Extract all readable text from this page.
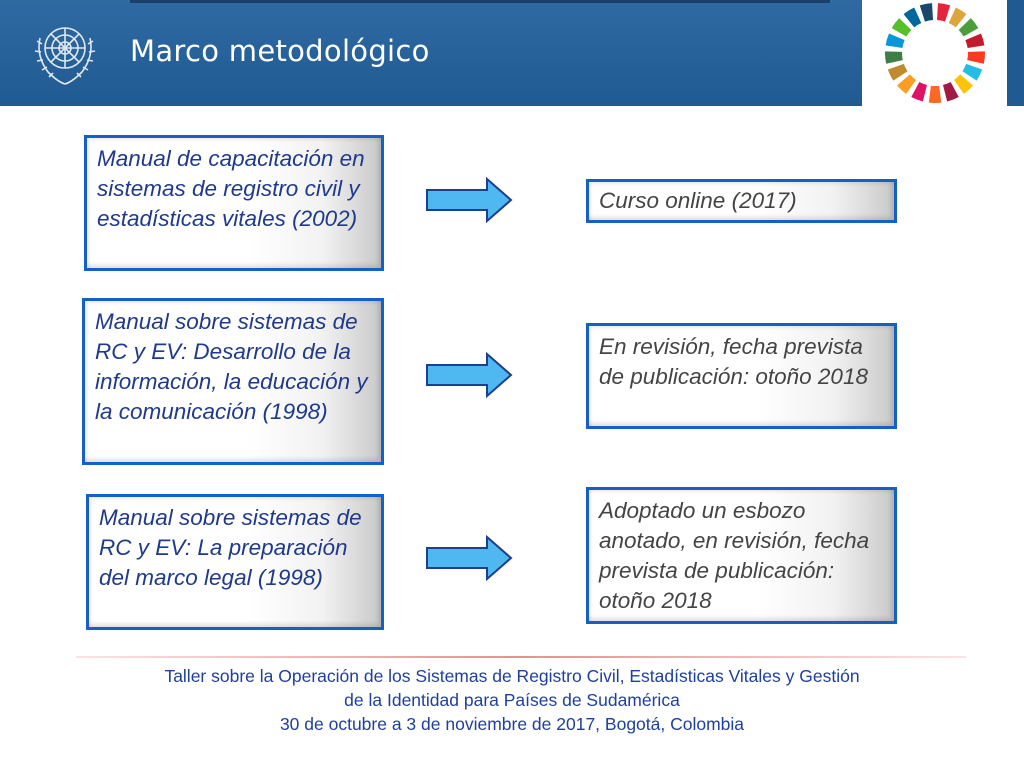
Marco metodológico
Manual de capacitación en sistemas de registro civil y estadísticas vitales (2002)
Curso online (2017)
Manual sobre sistemas de RC y EV: Desarrollo de la información, la educación y la comunicación (1998)
En revisión, fecha prevista de publicación: otoño 2018
Manual sobre sistemas de RC y EV: La preparación del marco legal (1998)
Adoptado un esbozo anotado, en revisión, fecha prevista de publicación: otoño 2018
Taller sobre la Operación de los Sistemas de Registro Civil, Estadísticas Vitales y Gestión
de la Identidad para Países de Sudamérica
30 de octubre a 3 de noviembre de 2017, Bogotá, Colombia
